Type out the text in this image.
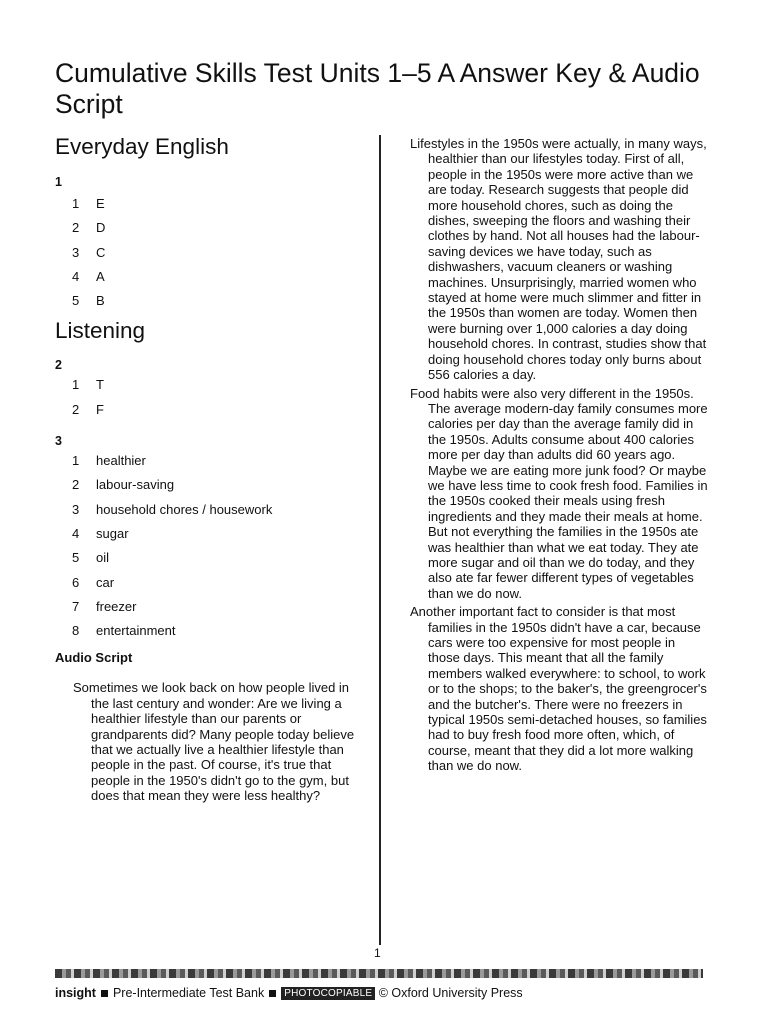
Cumulative Skills Test Units 1–5 A Answer Key & Audio Script
Everyday English
1
1 E
2 D
3 C
4 A
5 B
Listening
2
1 T
2 F
3
1 healthier
2 labour-saving
3 household chores / housework
4 sugar
5 oil
6 car
7 freezer
8 entertainment
Audio Script

Sometimes we look back on how people lived in the last century and wonder: Are we living a healthier lifestyle than our parents or grandparents did? Many people today believe that we actually live a healthier lifestyle than people in the past. Of course, it's true that people in the 1950's didn't go to the gym, but does that mean they were less healthy?

Lifestyles in the 1950s were actually, in many ways, healthier than our lifestyles today. First of all, people in the 1950s were more active than we are today. Research suggests that people did more household chores, such as doing the dishes, sweeping the floors and washing their clothes by hand. Not all houses had the labour-saving devices we have today, such as dishwashers, vacuum cleaners or washing machines. Unsurprisingly, married women who stayed at home were much slimmer and fitter in the 1950s than women are today. Women then were burning over 1,000 calories a day doing household chores. In contrast, studies show that doing household chores today only burns about 556 calories a day.

Food habits were also very different in the 1950s. The average modern-day family consumes more calories per day than the average family did in the 1950s. Adults consume about 400 calories more per day than adults did 60 years ago. Maybe we are eating more junk food? Or maybe we have less time to cook fresh food. Families in the 1950s cooked their meals using fresh ingredients and they made their meals at home. But not everything the families in the 1950s ate was healthier than what we eat today. They ate more sugar and oil than we do today, and they also ate far fewer different types of vegetables than we do now.

Another important fact to consider is that most families in the 1950s didn't have a car, because cars were too expensive for most people in those days. This meant that all the family members walked everywhere: to school, to work or to the shops; to the baker's, the greengrocer's and the butcher's. There were no freezers in typical 1950s semi-detached houses, so families had to buy fresh food more often, which, of course, meant that they did a lot more walking than we do now.

1
insight Pre-Intermediate Test Bank PHOTOCOPIABLE © Oxford University Press
